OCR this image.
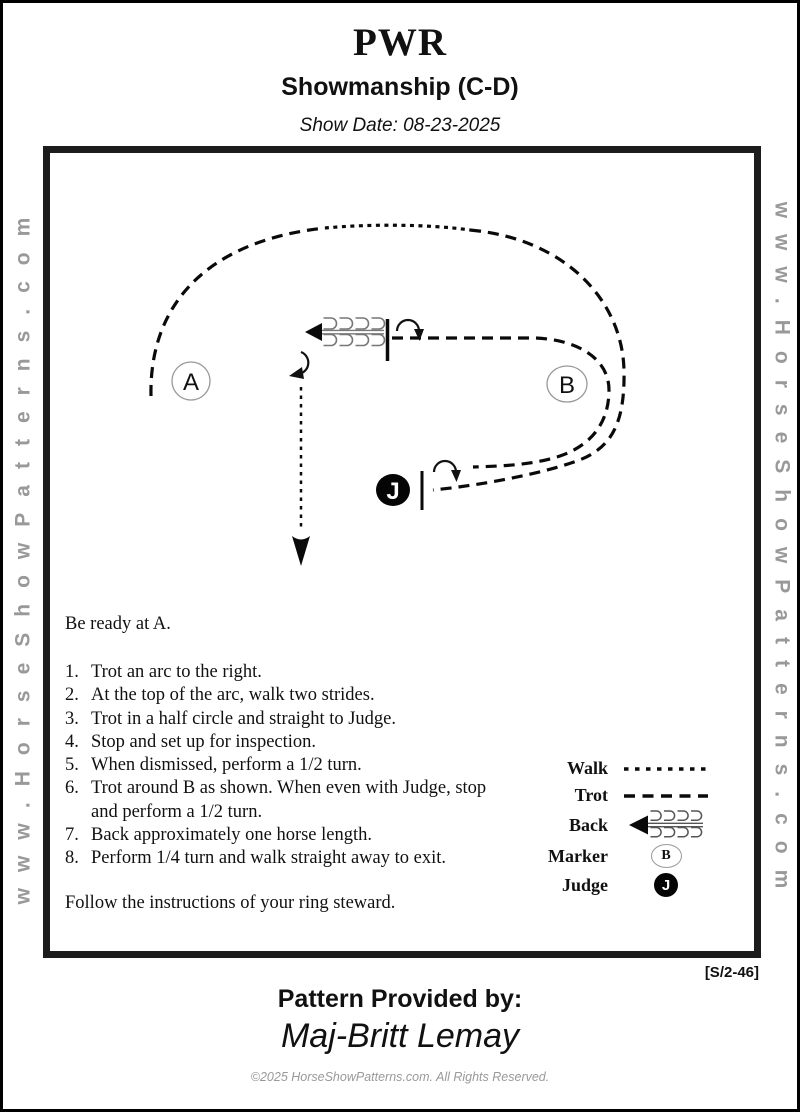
PWR
Showmanship (C-D)
Show Date: 08-23-2025
www.HorseShowPatterns.com	www.HorseShowPatterns.com
A	B
J
Be ready at A.
1. Trot an arc to the right.
2. At the top of the arc, walk two strides.
3. Trot in a half circle and straight to Judge.
4. Stop and set up for inspection.
5. When dismissed, perform a 1/2 turn.
6. Trot around B as shown. When even with Judge, stop
and perform a 1/2 turn.
7. Back approximately one horse length.
8. Perform 1/4 turn and walk straight away to exit.
Follow the instructions of your ring steward.
Walk
Trot
Back
Marker	B
Judge	J
[S/2-46]
Pattern Provided by:
Maj-Britt Lemay
©2025 HorseShowPatterns.com. All Rights Reserved.
